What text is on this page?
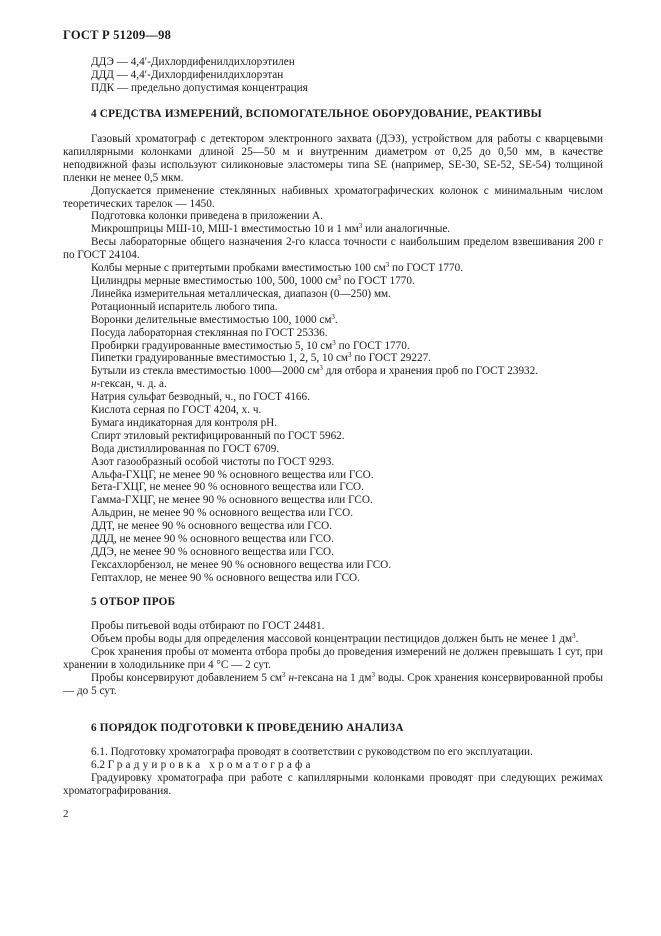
ГОСТ Р 51209—98

ДДЭ — 4,4′-Дихлордифенилдихлорэтилен

ДДД — 4,4′-Дихлордифенилдихлорэтан

ПДК — предельно допустимая концентрация

4 СРЕДСТВА ИЗМЕРЕНИЙ, ВСПОМОГАТЕЛЬНОЕ ОБОРУДОВАНИЕ, РЕАКТИВЫ

Газовый хроматограф с детектором электронного захвата (ДЭЗ), устройством для работы с кварцевыми капиллярными колонками длиной 25—50 м и внутренним диаметром от 0,25 до 0,50 мм, в качестве неподвижной фазы используют силиконовые эластомеры типа SE (например, SE-30, SE-52, SE-54) толщиной пленки не менее 0,5 мкм.

Допускается применение стеклянных набивных хроматографических колонок с минимальным числом теоретических тарелок — 1450.

Подготовка колонки приведена в приложении А.

Микрошприцы МШ-10, МШ-1 вместимостью 10 и 1 $мм^3$ или аналогичные.

Весы лабораторные общего назначения 2-го класса точности с наибольшим пределом взвешивания 200 г по ГОСТ 24104.

Колбы мерные с притертыми пробками вместимостью 100 $см^3$ по ГОСТ 1770.

Цилиндры мерные вместимостью 100, 500, 1000 $см^3$ по ГОСТ 1770.

Линейка измерительная металлическая, диапазон (0—250) мм.

Ротационный испаритель любого типа.

Воронки делительные вместимостью 100, 1000 $см^3$.

Посуда лабораторная стеклянная по ГОСТ 25336.

Пробирки градуированные вместимостью 5, 10 $см^3$ по ГОСТ 1770.

Пипетки градуированные вместимостью 1, 2, 5, 10 $см^3$ по ГОСТ 29227.

Бутыли из стекла вместимостью 1000—2000 $см^3$ для отбора и хранения проб по ГОСТ 23932.

н-гексан, ч. д. а.

Натрия сульфат безводный, ч., по ГОСТ 4166.

Кислота серная по ГОСТ 4204, х. ч.

Бумага индикаторная для контроля pH.

Спирт этиловый ректифицированный по ГОСТ 5962.

Вода дистиллированная по ГОСТ 6709.

Азот газообразный особой чистоты по ГОСТ 9293.

Альфа-ГХЦГ, не менее 90 % основного вещества или ГСО.

Бета-ГХЦГ, не менее 90 % основного вещества или ГСО.

Гамма-ГХЦГ, не менее 90 % основного вещества или ГСО.

Альдрин, не менее 90 % основного вещества или ГСО.

ДДТ, не менее 90 % основного вещества или ГСО.

ДДД, не менее 90 % основного вещества или ГСО.

ДДЭ, не менее 90 % основного вещества или ГСО.

Гексахлорбензол, не менее 90 % основного вещества или ГСО.

Гептахлор, не менее 90 % основного вещества или ГСО.

5 ОТБОР ПРОБ

Пробы питьевой воды отбирают по ГОСТ 24481.

Объем пробы воды для определения массовой концентрации пестицидов должен быть не менее 1 $дм^3$.

Срок хранения пробы от момента отбора пробы до проведения измерений не должен превышать 1 сут, при хранении в холодильнике при 4 °С — 2 сут.

Пробы консервируют добавлением 5 $см^3$ н-гексана на 1 $дм^3$ воды. Срок хранения консервированной пробы — до 5 сут.

6 ПОРЯДОК ПОДГОТОВКИ К ПРОВЕДЕНИЮ АНАЛИЗА

6.1. Подготовку хроматографа проводят в соответствии с руководством по его эксплуатации.

6.2 Градуировка хроматографа

Градуировку хроматографа при работе с капиллярными колонками проводят при следующих режимах хроматографирования.

2
